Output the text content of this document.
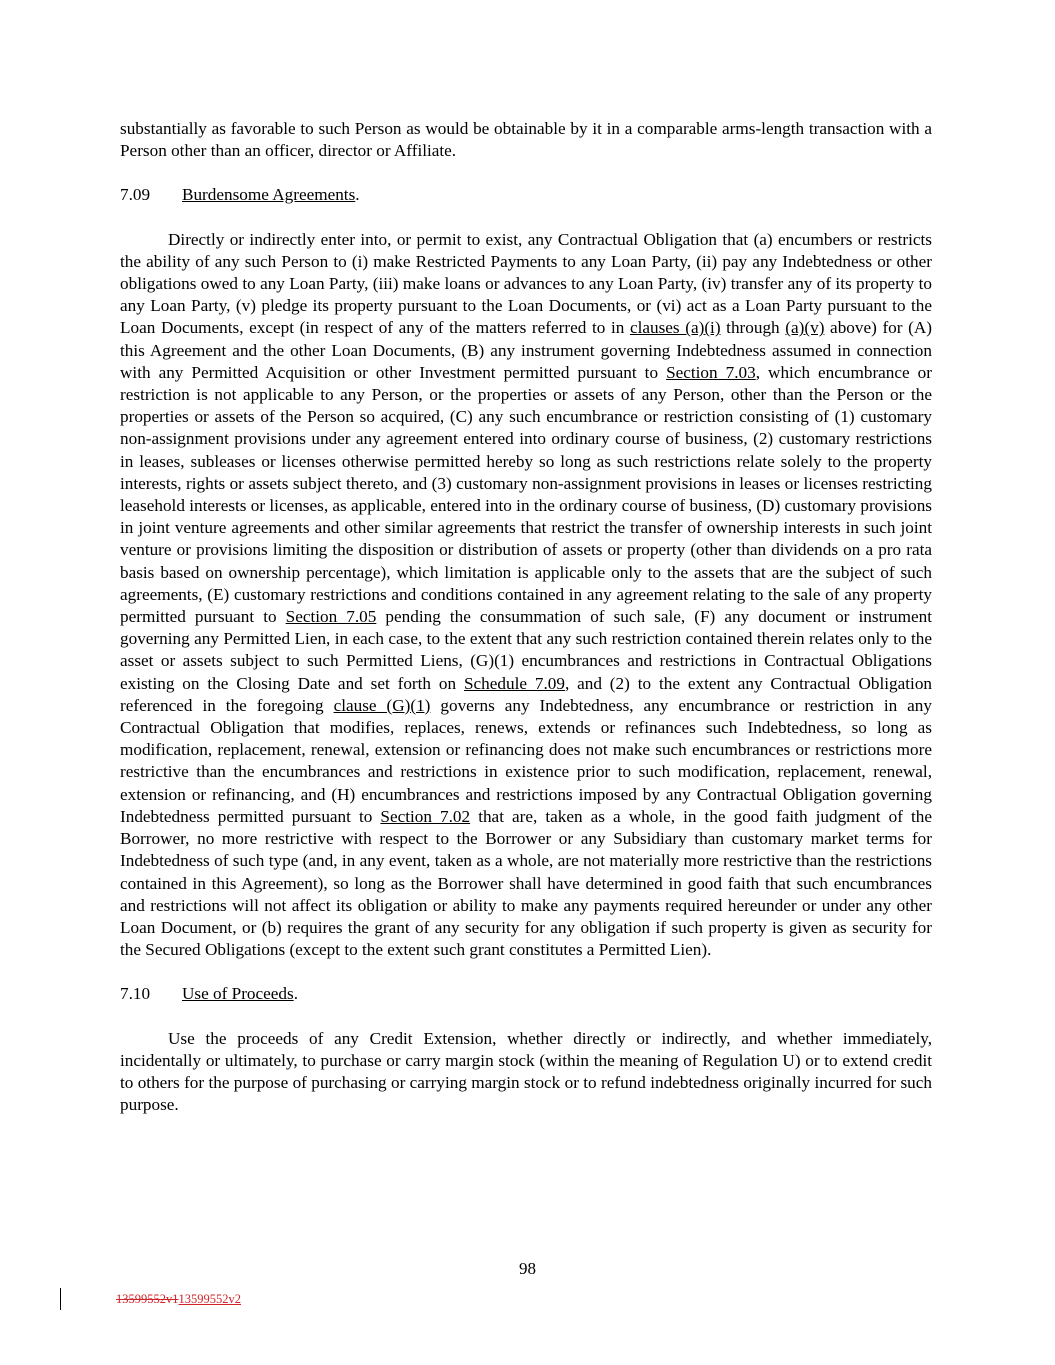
substantially as favorable to such Person as would be obtainable by it in a comparable arms-length transaction with a Person other than an officer, director or Affiliate.

7.09	Burdensome Agreements.

Directly or indirectly enter into, or permit to exist, any Contractual Obligation that (a) encumbers or restricts the ability of any such Person to (i) make Restricted Payments to any Loan Party, (ii) pay any Indebtedness or other obligations owed to any Loan Party, (iii) make loans or advances to any Loan Party, (iv) transfer any of its property to any Loan Party, (v) pledge its property pursuant to the Loan Documents, or (vi) act as a Loan Party pursuant to the Loan Documents, except (in respect of any of the matters referred to in clauses (a)(i) through (a)(v) above) for (A) this Agreement and the other Loan Documents, (B) any instrument governing Indebtedness assumed in connection with any Permitted Acquisition or other Investment permitted pursuant to Section 7.03, which encumbrance or restriction is not applicable to any Person, or the properties or assets of any Person, other than the Person or the properties or assets of the Person so acquired, (C) any such encumbrance or restriction consisting of (1) customary non-assignment provisions under any agreement entered into ordinary course of business, (2) customary restrictions in leases, subleases or licenses otherwise permitted hereby so long as such restrictions relate solely to the property interests, rights or assets subject thereto, and (3) customary non-assignment provisions in leases or licenses restricting leasehold interests or licenses, as applicable, entered into in the ordinary course of business, (D) customary provisions in joint venture agreements and other similar agreements that restrict the transfer of ownership interests in such joint venture or provisions limiting the disposition or distribution of assets or property (other than dividends on a pro rata basis based on ownership percentage), which limitation is applicable only to the assets that are the subject of such agreements, (E) customary restrictions and conditions contained in any agreement relating to the sale of any property permitted pursuant to Section 7.05 pending the consummation of such sale, (F) any document or instrument governing any Permitted Lien, in each case, to the extent that any such restriction contained therein relates only to the asset or assets subject to such Permitted Liens, (G)(1) encumbrances and restrictions in Contractual Obligations existing on the Closing Date and set forth on Schedule 7.09, and (2) to the extent any Contractual Obligation referenced in the foregoing clause (G)(1) governs any Indebtedness, any encumbrance or restriction in any Contractual Obligation that modifies, replaces, renews, extends or refinances such Indebtedness, so long as modification, replacement, renewal, extension or refinancing does not make such encumbrances or restrictions more restrictive than the encumbrances and restrictions in existence prior to such modification, replacement, renewal, extension or refinancing, and (H) encumbrances and restrictions imposed by any Contractual Obligation governing Indebtedness permitted pursuant to Section 7.02 that are, taken as a whole, in the good faith judgment of the Borrower, no more restrictive with respect to the Borrower or any Subsidiary than customary market terms for Indebtedness of such type (and, in any event, taken as a whole, are not materially more restrictive than the restrictions contained in this Agreement), so long as the Borrower shall have determined in good faith that such encumbrances and restrictions will not affect its obligation or ability to make any payments required hereunder or under any other Loan Document, or (b) requires the grant of any security for any obligation if such property is given as security for the Secured Obligations (except to the extent such grant constitutes a Permitted Lien).

7.10	Use of Proceeds.

Use the proceeds of any Credit Extension, whether directly or indirectly, and whether immediately, incidentally or ultimately, to purchase or carry margin stock (within the meaning of Regulation U) or to extend credit to others for the purpose of purchasing or carrying margin stock or to refund indebtedness originally incurred for such purpose.

98
13599552v1 13599552v2
